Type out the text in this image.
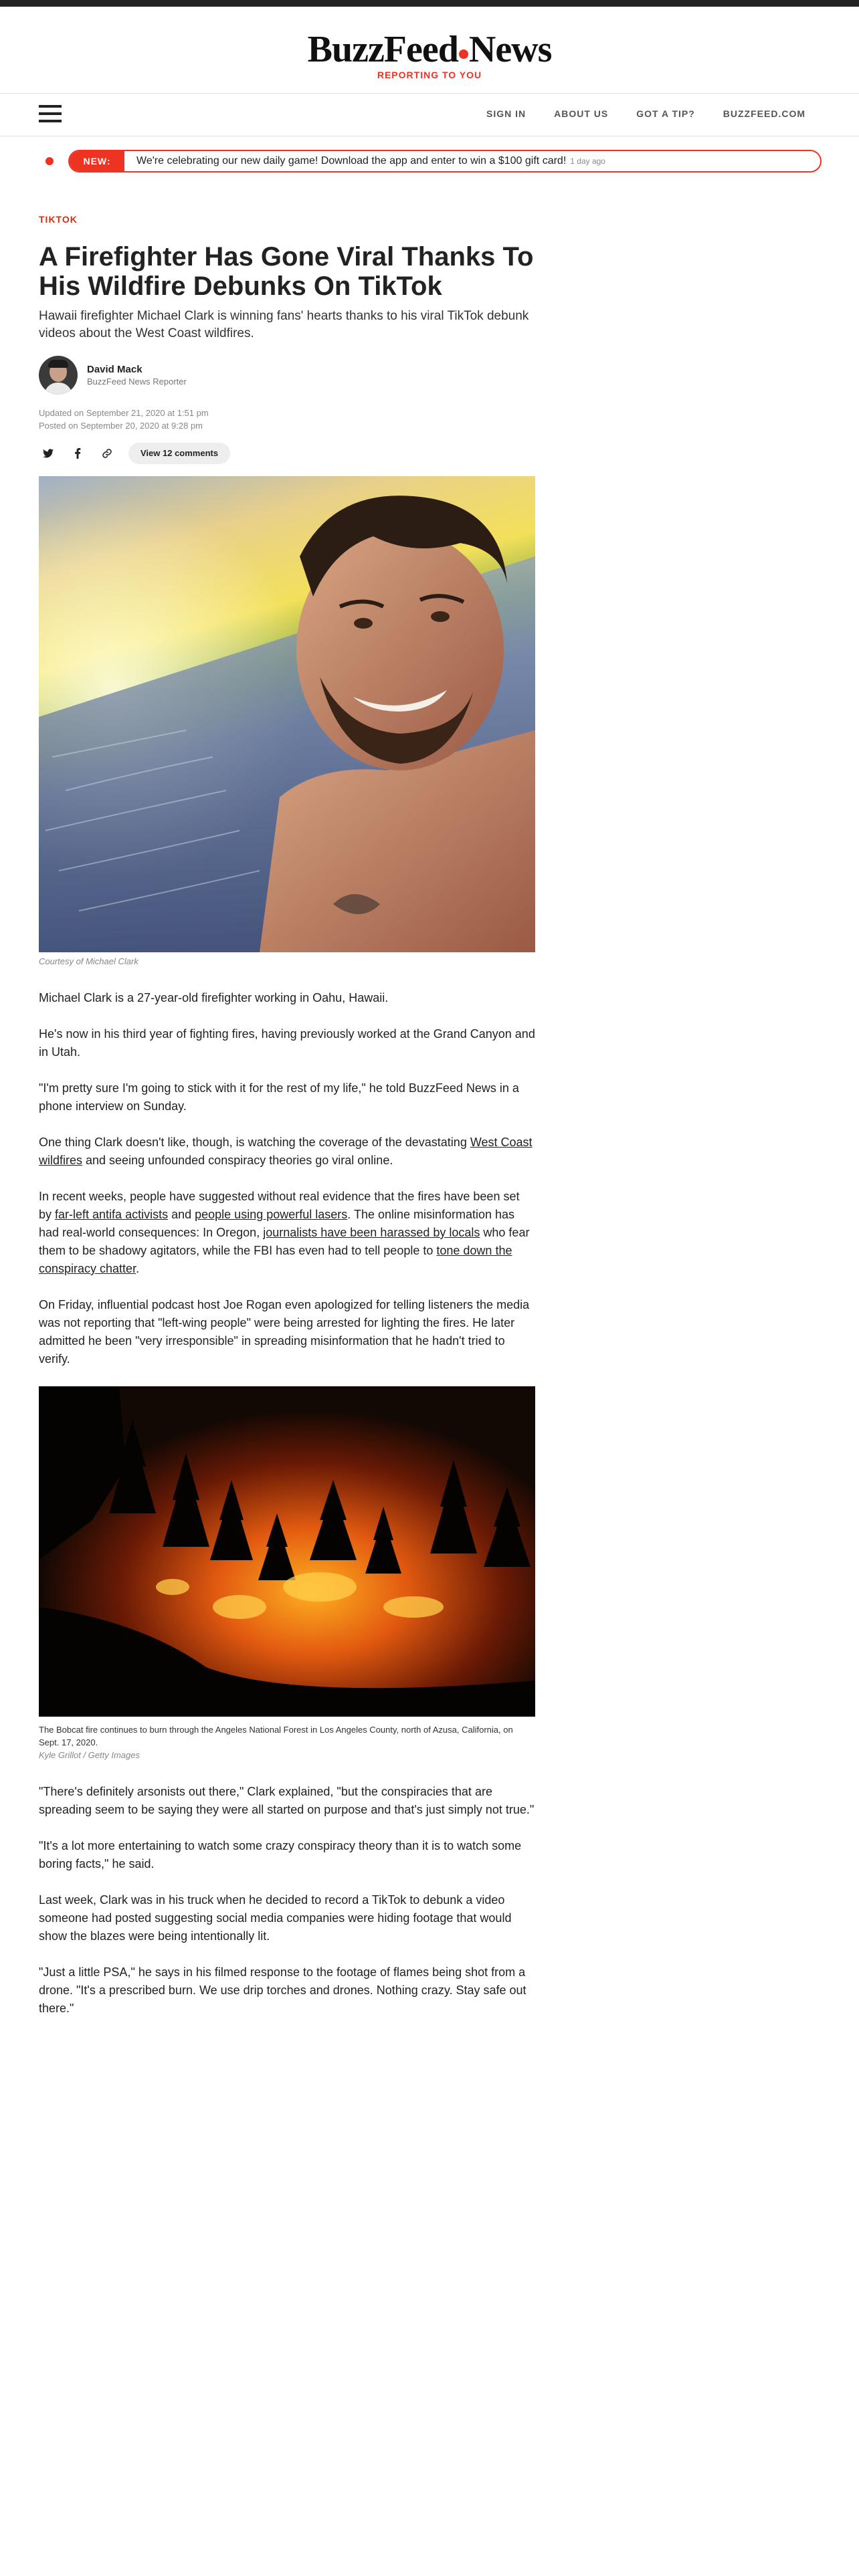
BuzzFeed News
REPORTING TO YOU
SIGN IN	ABOUT US	GOT A TIP?	BUZZFEED.COM
NEW:	We're celebrating our new daily game! Download the app and enter to win a $100 gift card! 1 day ago
TIKTOK
A Firefighter Has Gone Viral Thanks To His Wildfire Debunks On TikTok

Hawaii firefighter Michael Clark is winning fans' hearts thanks to his viral TikTok debunk videos about the West Coast wildfires.

David Mack
BuzzFeed News Reporter
Updated on September 21, 2020 at 1:51 pm
Posted on September 20, 2020 at 9:28 pm
View 12 comments
Courtesy of Michael Clark

Michael Clark is a 27-year-old firefighter working in Oahu, Hawaii.

He's now in his third year of fighting fires, having previously worked at the Grand Canyon and in Utah.

"I'm pretty sure I'm going to stick with it for the rest of my life," he told BuzzFeed News in a phone interview on Sunday.

One thing Clark doesn't like, though, is watching the coverage of the devastating West Coast wildfires and seeing unfounded conspiracy theories go viral online.

In recent weeks, people have suggested without real evidence that the fires have been set by far-left antifa activists and people using powerful lasers. The online misinformation has had real-world consequences: In Oregon, journalists have been harassed by locals who fear them to be shadowy agitators, while the FBI has even had to tell people to tone down the conspiracy chatter.

On Friday, influential podcast host Joe Rogan even apologized for telling listeners the media was not reporting that "left-wing people" were being arrested for lighting the fires. He later admitted he been "very irresponsible" in spreading misinformation that he hadn't tried to verify.

The Bobcat fire continues to burn through the Angeles National Forest in Los Angeles County, north of Azusa, California, on Sept. 17, 2020.
Kyle Grillot / Getty Images

"There's definitely arsonists out there," Clark explained, "but the conspiracies that are spreading seem to be saying they were all started on purpose and that's just simply not true."

"It's a lot more entertaining to watch some crazy conspiracy theory than it is to watch some boring facts," he said.

Last week, Clark was in his truck when he decided to record a TikTok to debunk a video someone had posted suggesting social media companies were hiding footage that would show the blazes were being intentionally lit.

"Just a little PSA," he says in his filmed response to the footage of flames being shot from a drone. "It's a prescribed burn. We use drip torches and drones. Nothing crazy. Stay safe out there."
